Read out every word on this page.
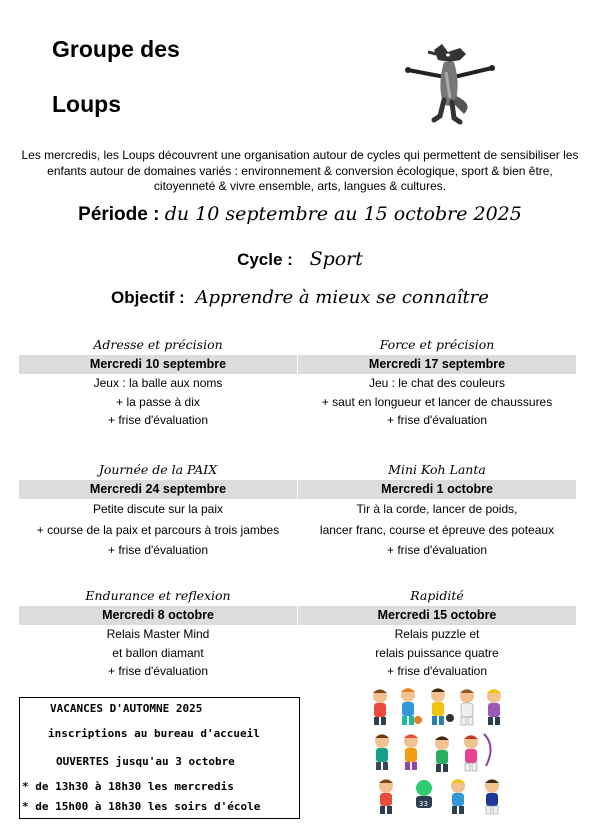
Groupe des
Loups
Les mercredis, les Loups découvrent une organisation autour de cycles qui permettent de sensibiliser les enfants autour de domaines variés : environnement & conversion écologique, sport & bien être, citoyenneté & vivre ensemble, arts, langues & cultures.
Période : du 10 septembre au 15 octobre 2025
Cycle : Sport
Objectif : Apprendre à mieux se connaître
Adresse et précision
Mercredi 10 septembre
Jeux : la balle aux noms
+ la passe à dix
+ frise d'évaluation
Force et précision
Mercredi 17 septembre
Jeu : le chat des couleurs
+ saut en longueur et lancer de chaussures
+ frise d'évaluation
Journée de la PAIX
Mercredi 24 septembre
Petite discute sur la paix
+ course de la paix et parcours à trois jambes
+ frise d'évaluation
Mini Koh Lanta
Mercredi 1 octobre
Tir à la corde, lancer de poids,
lancer franc, course et épreuve des poteaux
+ frise d'évaluation
Endurance et reflexion
Mercredi 8 octobre
Relais Master Mind
et ballon diamant
+ frise d'évaluation
Rapidité
Mercredi 15 octobre
Relais puzzle et
relais puissance quatre
+ frise d'évaluation
VACANCES D'AUTOMNE 2025
inscriptions au bureau d'accueil
OUVERTES jusqu'au 3 octobre
* de 13h30 à 18h30 les mercredis
* de 15h00 à 18h30 les soirs d'école	33
